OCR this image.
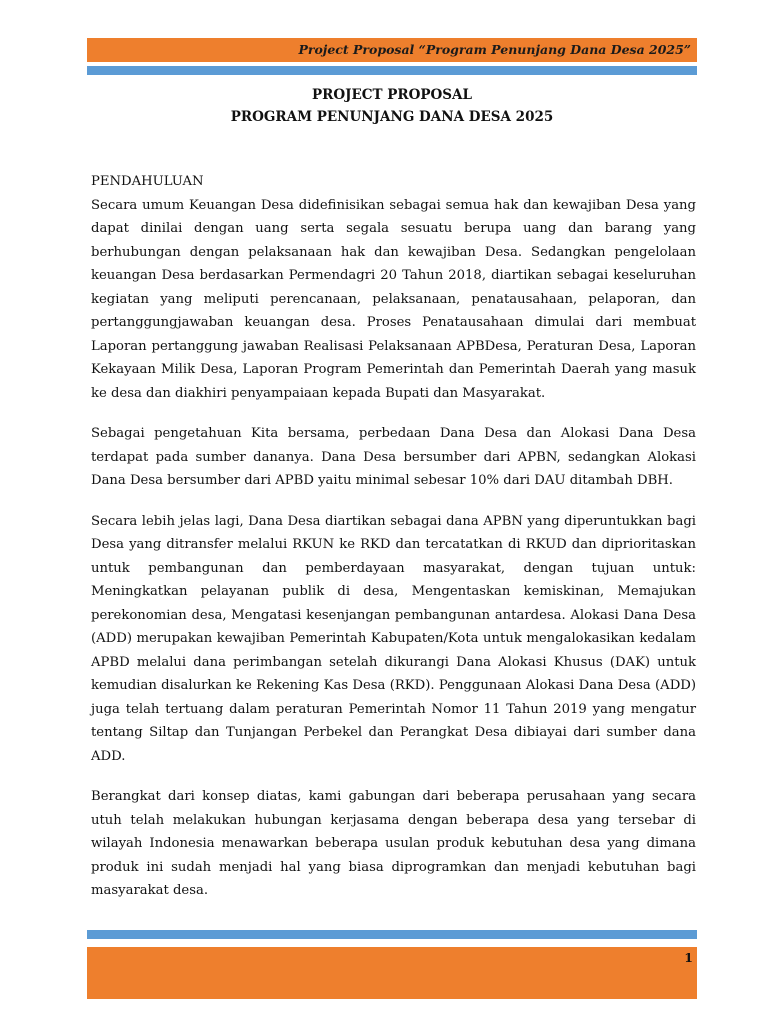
Project Proposal “Program Penunjang Dana Desa 2025”
PROJECT PROPOSAL
PROGRAM PENUNJANG DANA DESA 2025
PENDAHULUAN

Secara umum Keuangan Desa didefinisikan sebagai semua hak dan kewajiban Desa yang dapat dinilai dengan uang serta segala sesuatu berupa uang dan barang yang berhubungan dengan pelaksanaan hak dan kewajiban Desa. Sedangkan pengelolaan keuangan Desa berdasarkan Permendagri 20 Tahun 2018, diartikan sebagai keseluruhan kegiatan yang meliputi perencanaan, pelaksanaan, penatausahaan, pelaporan, dan pertanggungjawaban keuangan desa. Proses Penatausahaan dimulai dari membuat Laporan pertanggung jawaban Realisasi Pelaksanaan APBDesa, Peraturan Desa, Laporan Kekayaan Milik Desa, Laporan Program Pemerintah dan Pemerintah Daerah yang masuk ke desa dan diakhiri penyampaiaan kepada Bupati dan Masyarakat.

Sebagai pengetahuan Kita bersama, perbedaan Dana Desa dan Alokasi Dana Desa terdapat pada sumber dananya. Dana Desa bersumber dari APBN, sedangkan Alokasi Dana Desa bersumber dari APBD yaitu minimal sebesar 10% dari DAU ditambah DBH.

Secara lebih jelas lagi, Dana Desa diartikan sebagai dana APBN yang diperuntukkan bagi Desa yang ditransfer melalui RKUN ke RKD dan tercatatkan di RKUD dan diprioritaskan untuk pembangunan dan pemberdayaan masyarakat, dengan tujuan untuk: Meningkatkan pelayanan publik di desa, Mengentaskan kemiskinan, Memajukan perekonomian desa, Mengatasi kesenjangan pembangunan antardesa. Alokasi Dana Desa (ADD) merupakan kewajiban Pemerintah Kabupaten/Kota untuk mengalokasikan kedalam APBD melalui dana perimbangan setelah dikurangi Dana Alokasi Khusus (DAK) untuk kemudian disalurkan ke Rekening Kas Desa (RKD). Penggunaan Alokasi Dana Desa (ADD) juga telah tertuang dalam peraturan Pemerintah Nomor 11 Tahun 2019 yang mengatur tentang Siltap dan Tunjangan Perbekel dan Perangkat Desa dibiayai dari sumber dana ADD.

Berangkat dari konsep diatas, kami gabungan dari beberapa perusahaan yang secara utuh telah melakukan hubungan kerjasama dengan beberapa desa yang tersebar di wilayah Indonesia menawarkan beberapa usulan produk kebutuhan desa yang dimana produk ini sudah menjadi hal yang biasa diprogramkan dan menjadi kebutuhan bagi masyarakat desa.

1
